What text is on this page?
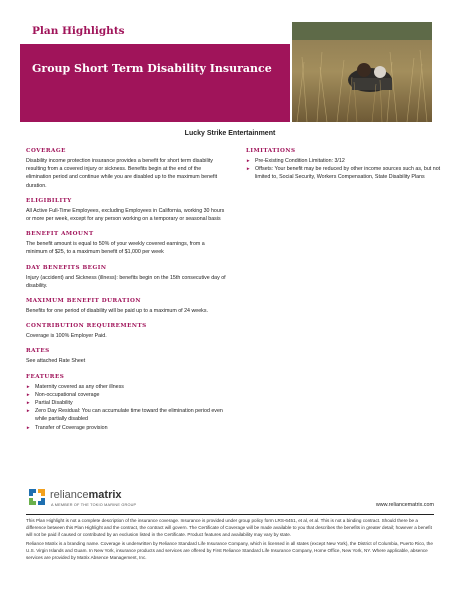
Plan Highlights
Group Short Term Disability Insurance
Lucky Strike Entertainment
COVERAGE
Disability income protection insurance provides a benefit for short term disability resulting from a covered injury or sickness. Benefits begin at the end of the elimination period and continue while you are disabled up to the maximum benefit duration.
ELIGIBILITY
All Active Full-Time Employees, excluding Employees in California, working 30 hours or more per week, except for any person working on a temporary or seasonal basis
BENEFIT AMOUNT
The benefit amount is equal to 50% of your weekly covered earnings, from a minimum of $25, to a maximum benefit of $1,000 per week
DAY BENEFITS BEGIN
Injury (accident) and Sickness (illness): benefits begin on the 15th consecutive day of disability.
MAXIMUM BENEFIT DURATION
Benefits for one period of disability will be paid up to a maximum of 24 weeks.
CONTRIBUTION REQUIREMENTS
Coverage is 100% Employer Paid.
RATES
See attached Rate Sheet
FEATURES
► Maternity covered as any other illness
► Non-occupational coverage
► Partial Disability
► Zero Day Residual: You can accumulate time toward the elimination period even while partially disabled
► Transfer of Coverage provision
LIMITATIONS
► Pre-Existing Condition Limitation: 3/12
► Offsets: Your benefit may be reduced by other income sources such as, but not limited to, Social Security, Workers Compensation, State Disability Plans
reliancematrix
A MEMBER OF THE TOKIO MARINE GROUP	www.reliancematrix.com

This Plan Highlight is not a complete description of the insurance coverage. Insurance is provided under group policy form LRS-6451, et al, et al. This is not a binding contract. Should there be a difference between this Plan Highlight and the contract, the contract will govern. The Certificate of Coverage will be made available to you that describes the benefits in greater detail; however a benefit will not be paid if caused or contributed by an exclusion listed in the Certificate. Product features and availability may vary by state.

Reliance Matrix is a branding name. Coverage is underwritten by Reliance Standard Life Insurance Company, which is licensed in all states (except New York), the District of Columbia, Puerto Rico, the U.S. Virgin Islands and Guam. In New York, insurance products and services are offered by First Reliance Standard Life Insurance Company, Home Office, New York, NY. Where applicable, absence services are provided by Matrix Absence Management, Inc.
